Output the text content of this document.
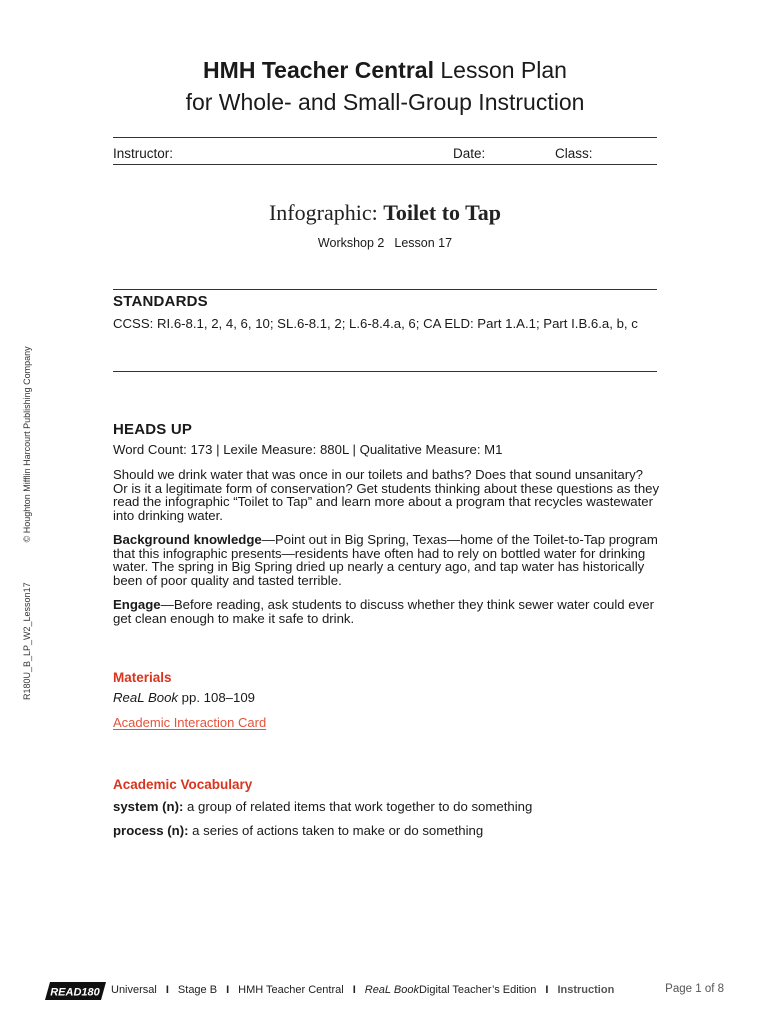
HMH Teacher Central Lesson Plan
for Whole- and Small-Group Instruction
Instructor:	Date:	Class:
Infographic: Toilet to Tap
Workshop 2 Lesson 17
STANDARDS
CCSS: RI.6-8.1, 2, 4, 6, 10; SL.6-8.1, 2; L.6-8.4.a, 6; CA ELD: Part 1.A.1; Part I.B.6.a, b, c
HEADS UP
Word Count: 173 | Lexile Measure: 880L | Qualitative Measure: M1
Should we drink water that was once in our toilets and baths? Does that sound unsanitary? Or is it a legitimate form of conservation? Get students thinking about these questions as they read the infographic “Toilet to Tap” and learn more about a program that recycles wastewater into drinking water.
Background knowledge—Point out in Big Spring, Texas—home of the Toilet-to-Tap program that this infographic presents—residents have often had to rely on bottled water for drinking water. The spring in Big Spring dried up nearly a century ago, and tap water has historically been of poor quality and tasted terrible.
Engage—Before reading, ask students to discuss whether they think sewer water could ever get clean enough to make it safe to drink.
Materials
ReaL Book pp. 108–109
Academic Interaction Card
Academic Vocabulary
system (n): a group of related items that work together to do something
process (n): a series of actions taken to make or do something
R180U_B_LP_W2_Lesson17© Houghton Mifflin Harcourt Publishing Company
READ180 Universal I Stage B I HMH Teacher Central I ReaL BookDigital Teacher’s Edition I Instruction	Page 1 of 8
